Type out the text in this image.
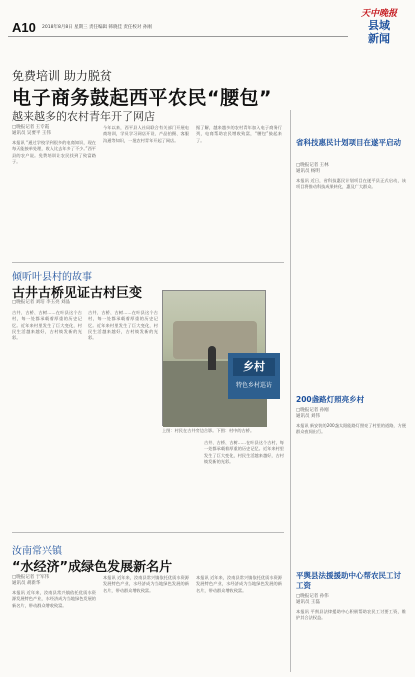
A10 2018年8月8日 星期三 责任编辑 韩晓佳 责任校对 孙刚
天中晚报
县域
新闻
免费培训 助力脱贫
电子商务鼓起西平农民“腰包”
越来越多的农村青年开了网店
□晚报记者 王专霞
通讯员 吴要平 王伟
本报讯 “通过学校学到很多的电商知识，现在每天能接单处理，收入比去年多了不少。”西平县的农户说。免费培训让农民找到了致富路子。
今年以来，西平县人社局联合有关部门开展电商培训，学员学习网店开设、产品拍摄、客服沟通等知识，一批农村青年开起了网店。
据了解，越来越多的农村青年加入电子商务行列，电商帮助农民增收致富，“腰包”鼓起来了。
倾听叶县村的故事
古井古桥见证古村巨变
□晚报记者 刘培 李玉亮 刘晶
古井、古桥、古树……在叶县这个古村，每一处都承载着厚重的历史记忆。近年来村里发生了巨大变化，村民生活越来越好，古村焕发新的光彩。
古井、古桥、古树……在叶县这个古村，每一处都承载着厚重的历史记忆。近年来村里发生了巨大变化，村民生活越来越好，古村焕发新的光彩。
上图：村民在古井旁边合影。下图：村中的古桥。
乡村
特色乡村巡访
古井、古桥、古树……在叶县这个古村，每一处都承载着厚重的历史记忆。近年来村里发生了巨大变化，村民生活越来越好，古村焕发新的光彩。
汝南常兴镇
“水经济”成绿色发展新名片
□晚报记者 于军伟
通讯员 胡新华
本报讯 近年来，汝南县常兴镇依托优质水资源发展特色产业，水经济成为当地绿色发展的新名片，带动群众增收致富。
本报讯 近年来，汝南县常兴镇依托优质水资源发展特色产业，水经济成为当地绿色发展的新名片，带动群众增收致富。
本报讯 近年来，汝南县常兴镇依托优质水资源发展特色产业，水经济成为当地绿色发展的新名片，带动群众增收致富。
省科技惠民计划项目在遂平启动
□晚报记者 王林
通讯员 杨明
本报讯 近日，省科技惠民计划项目在遂平县正式启动，该项目将推动科技成果转化，惠及广大群众。
200盏路灯照亮乡村
□晚报记者 孙刚
通讯员 刘伟
本报讯 新安装的200盏太阳能路灯照亮了村里的道路，方便群众夜间出行。
平舆县法援援助中心帮农民工讨工资
□晚报记者 孙伟
通讯员 王磊
本报讯 平舆县法律援助中心积极帮助农民工讨要工资，维护其合法权益。
